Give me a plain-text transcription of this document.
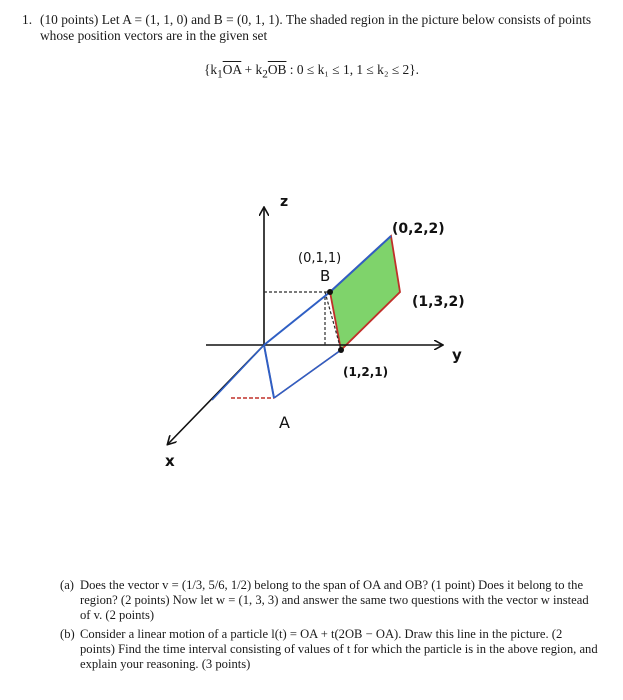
1. (10 points) Let A = (1, 1, 0) and B = (0, 1, 1). The shaded region in the picture below consists of points whose position vectors are in the given set
{$k_1\overline{OA} + k_2\overline{OB}$ : 0 ≤ k₁ ≤ 1, 1 ≤ k₂ ≤ 2}.
z
y
x
(0,1,1)
B
(0,2,2)
(1,3,2)
(1,2,1)
A
(a) Does the vector v = (1/3, 5/6, 1/2) belong to the span of OA and OB? (1 point) Does it belong to the region? (2 points) Now let w = (1, 3, 3) and answer the same two questions with the vector w instead of v. (2 points)
(b) Consider a linear motion of a particle l(t) = OA + t(2OB − OA). Draw this line in the picture. (2 points) Find the time interval consisting of values of t for which the particle is in the above region, and explain your reasoning. (3 points)
